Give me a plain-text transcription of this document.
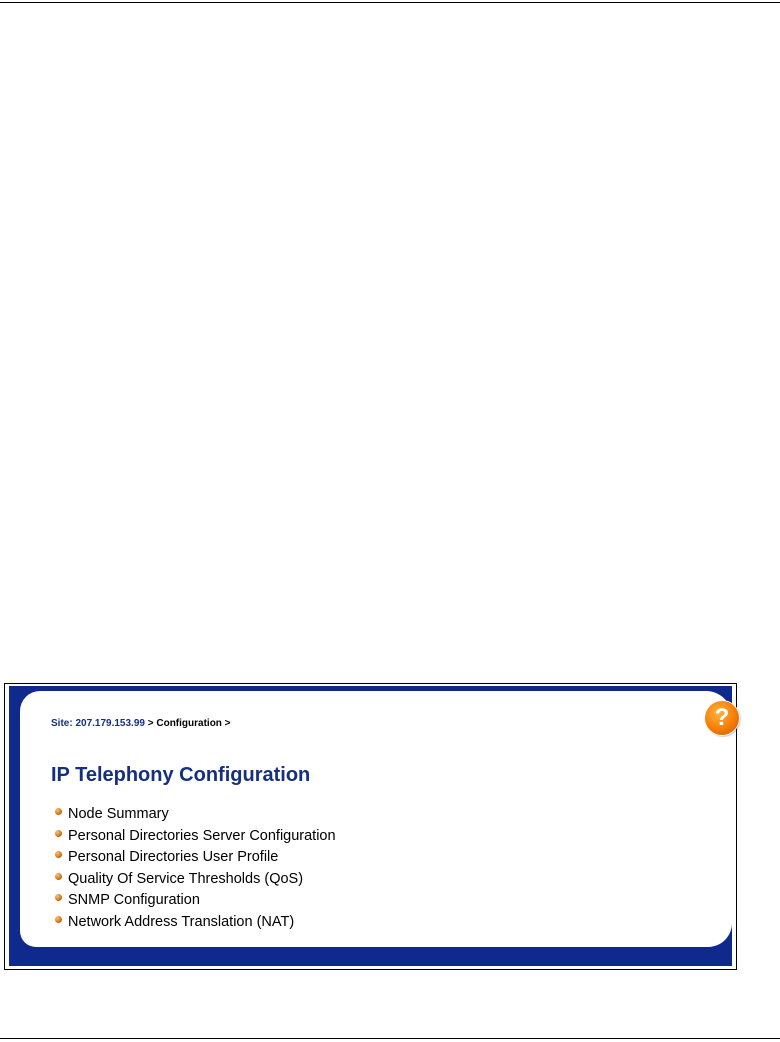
Site: 207.179.153.99 > Configuration >	?
IP Telephony Configuration
Node Summary
Personal Directories Server Configuration
Personal Directories User Profile
Quality Of Service Thresholds (QoS)
SNMP Configuration
Network Address Translation (NAT)
